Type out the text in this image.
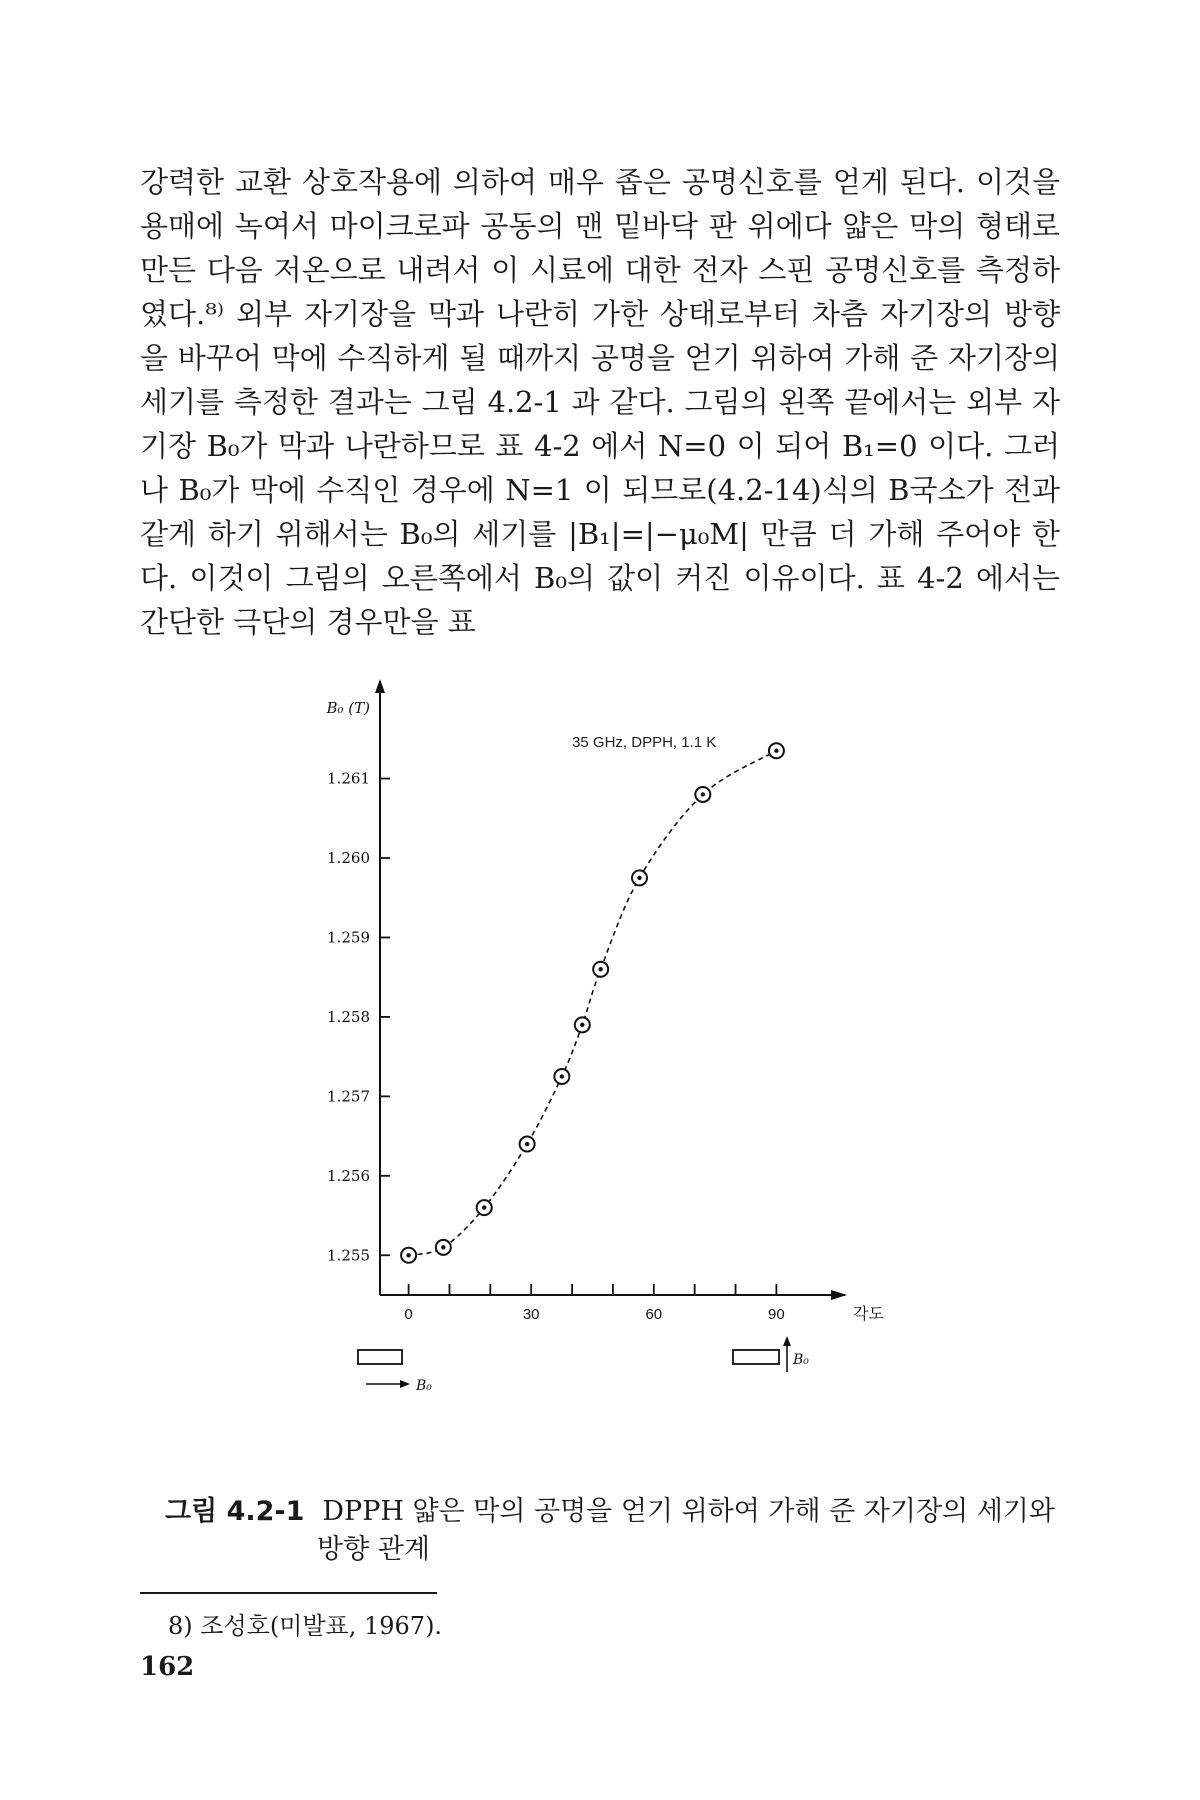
강력한 교환 상호작용에 의하여 매우 좁은 공명신호를 얻게 된다. 이것을 용매에 녹여서 마이크로파 공동의 맨 밑바닥 판 위에다 얇은 막의 형태로 만든 다음 저온으로 내려서 이 시료에 대한 전자 스핀 공명신호를 측정하였다.⁸⁾ 외부 자기장을 막과 나란히 가한 상태로부터 차츰 자기장의 방향을 바꾸어 막에 수직하게 될 때까지 공명을 얻기 위하여 가해 준 자기장의 세기를 측정한 결과는 그림 4.2-1 과 같다. 그림의 왼쪽 끝에서는 외부 자기장 B₀가 막과 나란하므로 표 4-2 에서 N=0 이 되어 B₁=0 이다. 그러나 B₀가 막에 수직인 경우에 N=1 이 되므로(4.2-14)식의 B국소가 전과 같게 하기 위해서는 B₀의 세기를 |B₁|=|−μ₀M| 만큼 더 가해 주어야 한다. 이것이 그림의 오른쪽에서 B₀의 값이 커진 이유이다. 표 4-2 에서는 간단한 극단의 경우만을 표

B₀ (T)
각도
1.255
1.256
1.257
1.258
1.259
1.260
1.261
0	30	60	90
35 GHz, DPPH, 1.1 K
B₀
B₀
그림 4.2-1 DPPH 얇은 막의 공명을 얻기 위하여 가해 준 자기장의 세기와
방향 관계
8) 조성호(미발표, 1967).
162
